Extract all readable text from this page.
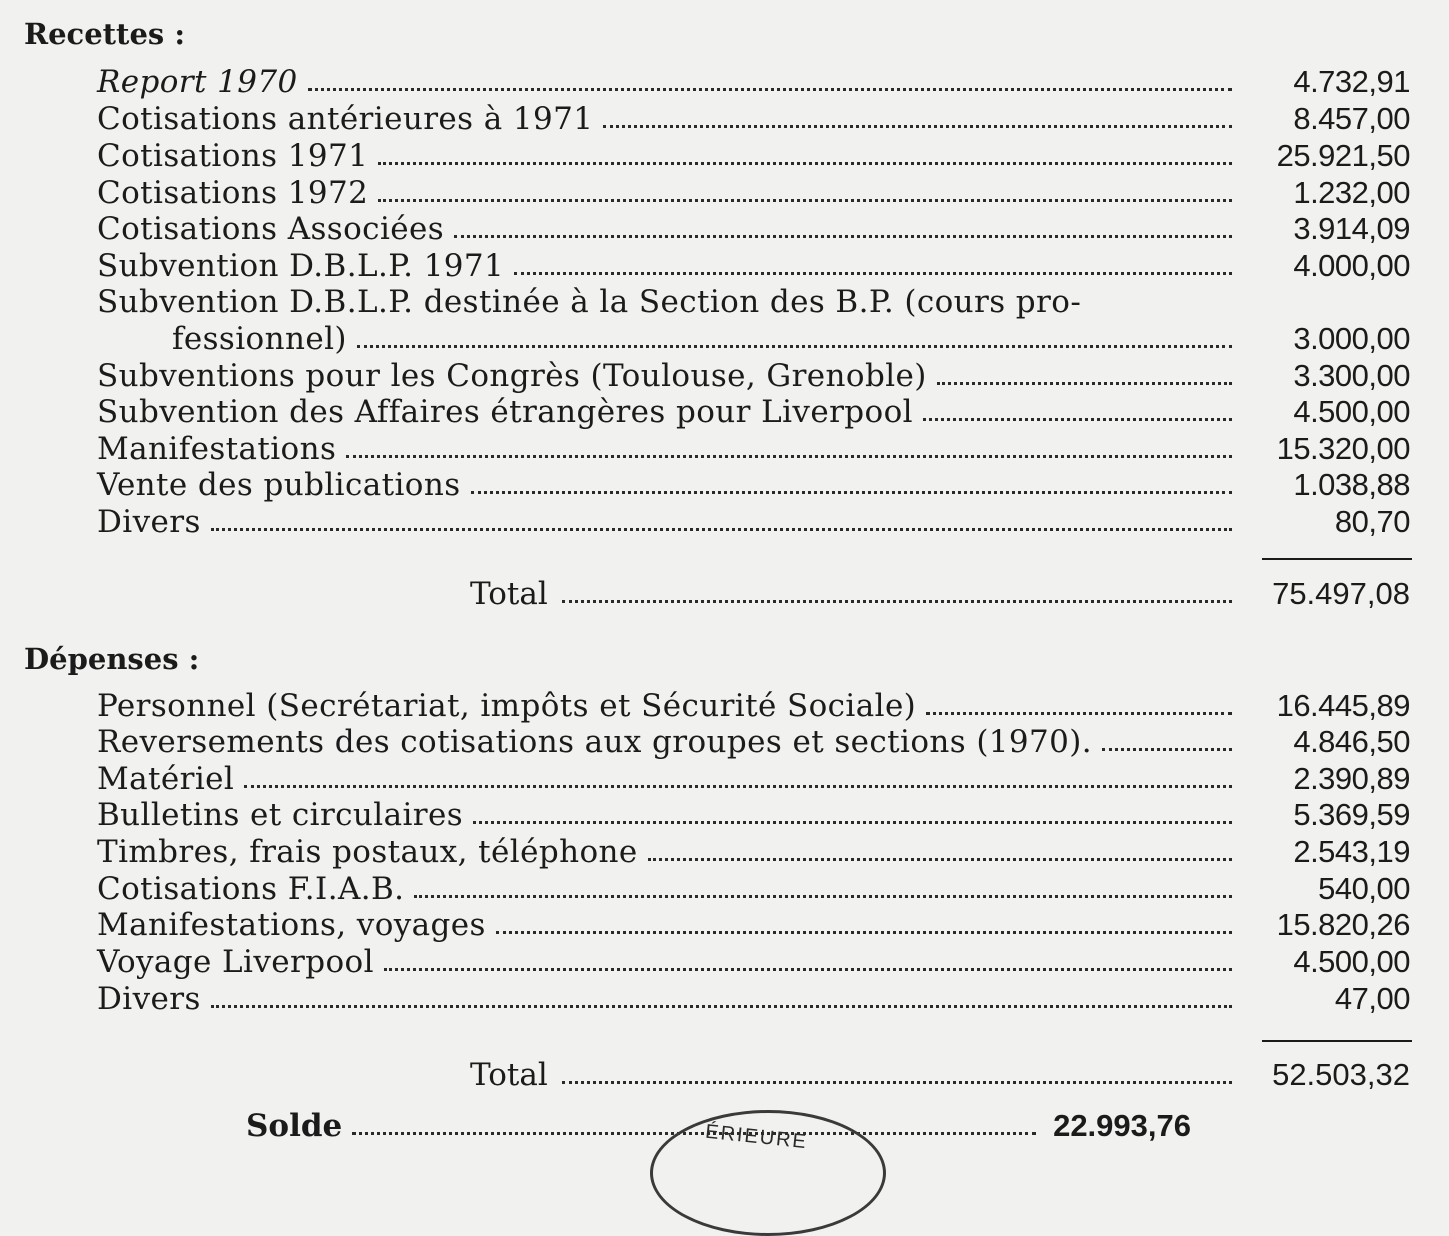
Recettes :
Report 1970	4.732,91
Cotisations antérieures à 1971	8.457,00
Cotisations 1971	25.921,50
Cotisations 1972	1.232,00
Cotisations Associées	3.914,09
Subvention D.B.L.P. 1971	4.000,00
Subvention D.B.L.P. destinée à la Section des B.P. (cours pro-
fessionnel)	3.000,00
Subventions pour les Congrès (Toulouse, Grenoble)	3.300,00
Subvention des Affaires étrangères pour Liverpool	4.500,00
Manifestations	15.320,00
Vente des publications	1.038,88
Divers	80,70
Total	75.497,08
Dépenses :
Personnel (Secrétariat, impôts et Sécurité Sociale)	16.445,89
Reversements des cotisations aux groupes et sections (1970).	4.846,50
Matériel	2.390,89
Bulletins et circulaires	5.369,59
Timbres, frais postaux, téléphone	2.543,19
Cotisations F.I.A.B.	540,00
Manifestations, voyages	15.820,26
Voyage Liverpool	4.500,00
Divers	47,00
Total	52.503,32
Solde	22.993,76
ÉRIEURE
